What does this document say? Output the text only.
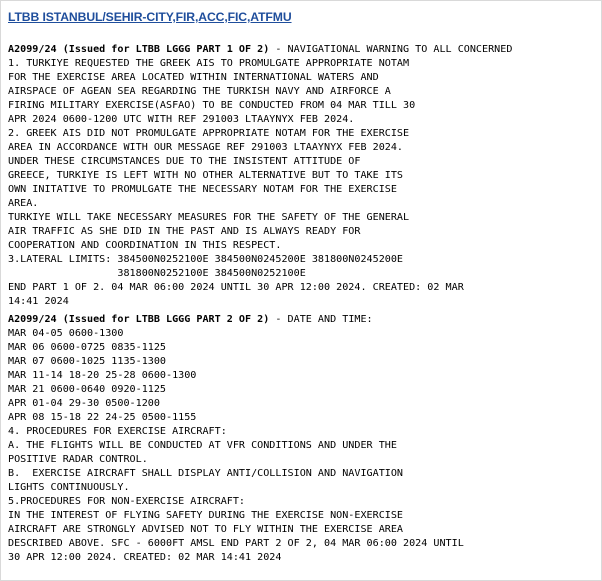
LTBB ISTANBUL/SEHIR-CITY,FIR,ACC,FIC,ATFMU
A2099/24 (Issued for LTBB LGGG PART 1 OF 2) - NAVIGATIONAL WARNING TO ALL CONCERNED
1. TURKIYE REQUESTED THE GREEK AIS TO PROMULGATE APPROPRIATE NOTAM
FOR THE EXERCISE AREA LOCATED WITHIN INTERNATIONAL WATERS AND
AIRSPACE OF AGEAN SEA REGARDING THE TURKISH NAVY AND AIRFORCE A
FIRING MILITARY EXERCISE(ASFAO) TO BE CONDUCTED FROM 04 MAR TILL 30
APR 2024 0600-1200 UTC WITH REF 291003 LTAAYNYX FEB 2024.
2. GREEK AIS DID NOT PROMULGATE APPROPRIATE NOTAM FOR THE EXERCISE
AREA IN ACCORDANCE WITH OUR MESSAGE REF 291003 LTAAYNYX FEB 2024.
UNDER THESE CIRCUMSTANCES DUE TO THE INSISTENT ATTITUDE OF
GREECE, TURKIYE IS LEFT WITH NO OTHER ALTERNATIVE BUT TO TAKE ITS
OWN INITATIVE TO PROMULGATE THE NECESSARY NOTAM FOR THE EXERCISE
AREA.
TURKIYE WILL TAKE NECESSARY MEASURES FOR THE SAFETY OF THE GENERAL
AIR TRAFFIC AS SHE DID IN THE PAST AND IS ALWAYS READY FOR
COOPERATION AND COORDINATION IN THIS RESPECT.
3.LATERAL LIMITS: 384500N0252100E 384500N0245200E 381800N0245200E
381800N0252100E 384500N0252100E
END PART 1 OF 2. 04 MAR 06:00 2024 UNTIL 30 APR 12:00 2024. CREATED: 02 MAR
14:41 2024
A2099/24 (Issued for LTBB LGGG PART 2 OF 2) - DATE AND TIME:
MAR 04-05 0600-1300
MAR 06 0600-0725 0835-1125
MAR 07 0600-1025 1135-1300
MAR 11-14 18-20 25-28 0600-1300
MAR 21 0600-0640 0920-1125
APR 01-04 29-30 0500-1200
APR 08 15-18 22 24-25 0500-1155
4. PROCEDURES FOR EXERCISE AIRCRAFT:
A. THE FLIGHTS WILL BE CONDUCTED AT VFR CONDITIONS AND UNDER THE
POSITIVE RADAR CONTROL.
B.  EXERCISE AIRCRAFT SHALL DISPLAY ANTI/COLLISION AND NAVIGATION
LIGHTS CONTINUOUSLY.
5.PROCEDURES FOR NON-EXERCISE AIRCRAFT:
IN THE INTEREST OF FLYING SAFETY DURING THE EXERCISE NON-EXERCISE
AIRCRAFT ARE STRONGLY ADVISED NOT TO FLY WITHIN THE EXERCISE AREA
DESCRIBED ABOVE. SFC - 6000FT AMSL END PART 2 OF 2, 04 MAR 06:00 2024 UNTIL
30 APR 12:00 2024. CREATED: 02 MAR 14:41 2024
